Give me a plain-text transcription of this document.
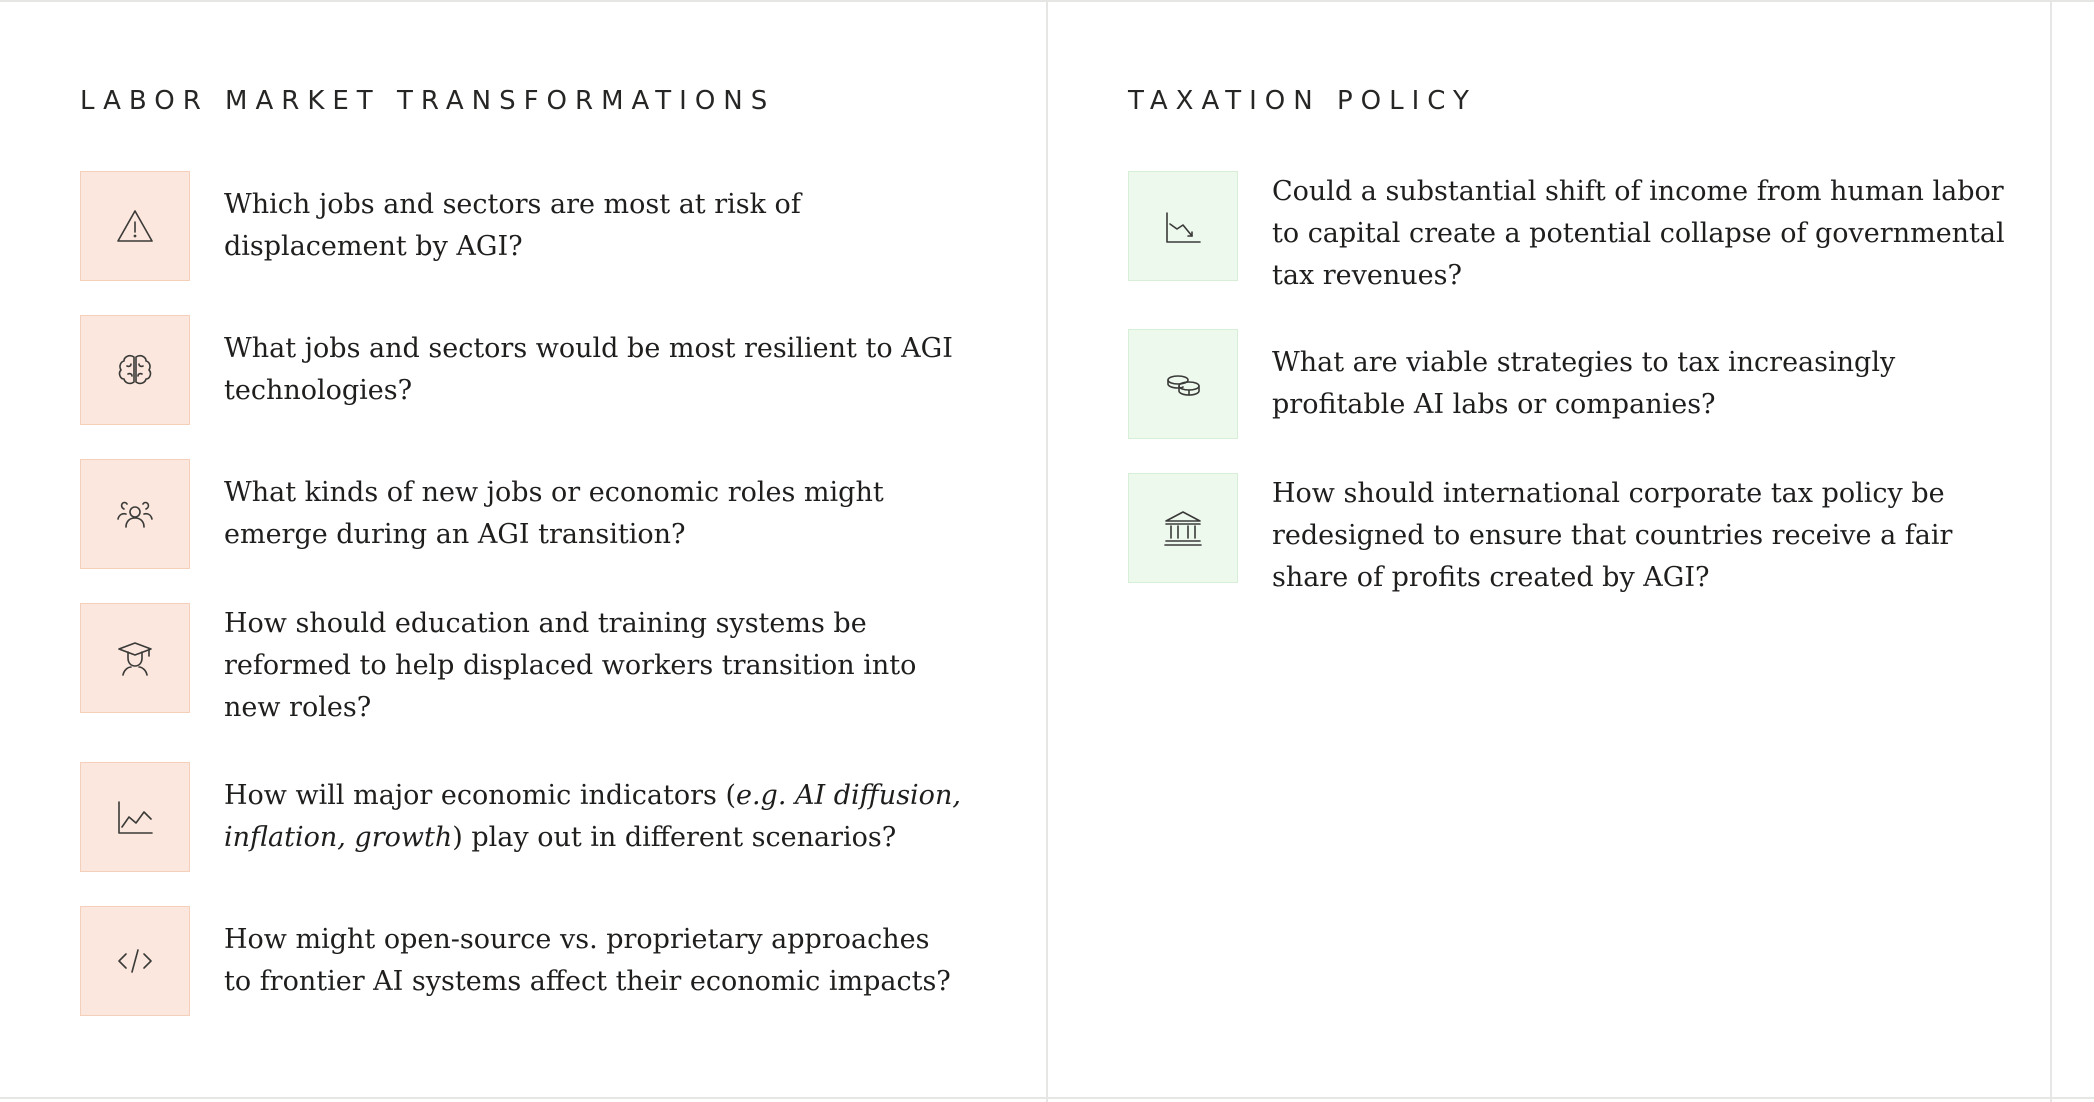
LABOR MARKET TRANSFORMATIONS

Which jobs and sectors are most at risk of displacement by AGI?

What jobs and sectors would be most resilient to AGI technologies?

What kinds of new jobs or economic roles might emerge during an AGI transition?

How should education and training systems be reformed to help displaced workers transition into new roles?

How will major economic indicators (e.g. AI diffusion, inflation, growth) play out in different scenarios?

How might open-source vs. proprietary approaches to frontier AI systems affect their economic impacts?

TAXATION POLICY

Could a substantial shift of income from human labor to capital create a potential collapse of governmental tax revenues?

What are viable strategies to tax increasingly profitable AI labs or companies?

How should international corporate tax policy be redesigned to ensure that countries receive a fair share of profits created by AGI?
